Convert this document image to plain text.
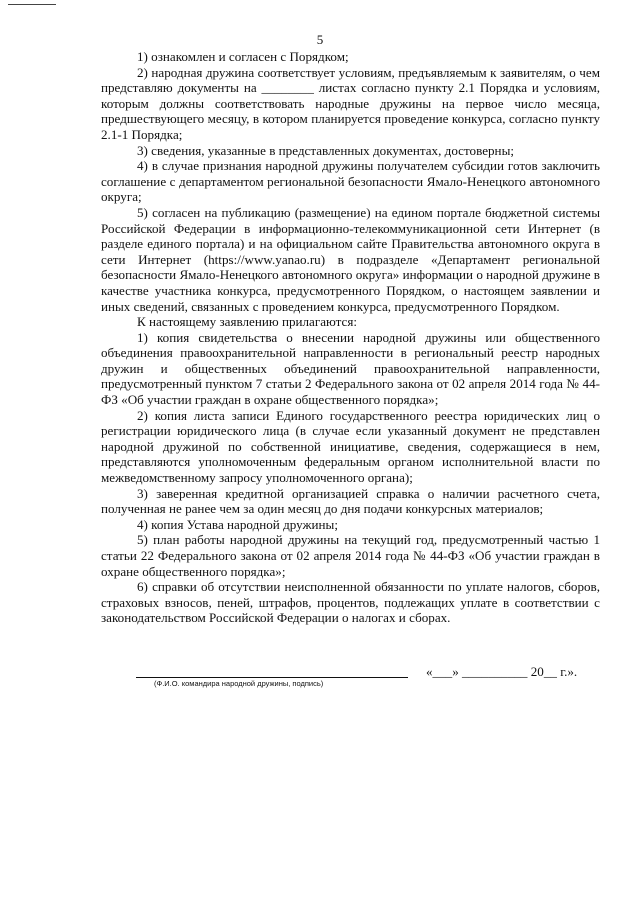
5

1) ознакомлен и согласен с Порядком;

2) народная дружина соответствует условиям, предъявляемым к заявителям, о чем представляю документы на ________ листах согласно пункту 2.1 Порядка и условиям, которым должны соответствовать народные дружины на первое число месяца, предшествующего месяцу, в котором планируется проведение конкурса, согласно пункту 2.1-1 Порядка;

3) сведения, указанные в представленных документах, достоверны;

4) в случае признания народной дружины получателем субсидии готов заключить соглашение с департаментом региональной безопасности Ямало-Ненецкого автономного округа;

5) согласен на публикацию (размещение) на едином портале бюджетной системы Российской Федерации в информационно-телекоммуникационной сети Интернет (в разделе единого портала) и на официальном сайте Правительства автономного округа в сети Интернет (https://www.yanao.ru) в подразделе «Департамент региональной безопасности Ямало-Ненецкого автономного округа» информации о народной дружине в качестве участника конкурса, предусмотренного Порядком, о настоящем заявлении и иных сведений, связанных с проведением конкурса, предусмотренного Порядком.

К настоящему заявлению прилагаются:

1) копия свидетельства о внесении народной дружины или общественного объединения правоохранительной направленности в региональный реестр народных дружин и общественных объединений правоохранительной направленности, предусмотренный пунктом 7 статьи 2 Федерального закона от 02 апреля 2014 года № 44-ФЗ «Об участии граждан в охране общественного порядка»;

2) копия листа записи Единого государственного реестра юридических лиц о регистрации юридического лица (в случае если указанный документ не представлен народной дружиной по собственной инициативе, сведения, содержащиеся в нем, представляются уполномоченным федеральным органом исполнительной власти по межведомственному запросу уполномоченного органа);

3) заверенная кредитной организацией справка о наличии расчетного счета, полученная не ранее чем за один месяц до дня подачи конкурсных материалов;

4) копия Устава народной дружины;

5) план работы народной дружины на текущий год, предусмотренный частью 1 статьи 22 Федерального закона от 02 апреля 2014 года № 44-ФЗ «Об участии граждан в охране общественного порядка»;

6) справки об отсутствии неисполненной обязанности по уплате налогов, сборов, страховых взносов, пеней, штрафов, процентов, подлежащих уплате в соответствии с законодательством Российской Федерации о налогах и сборах.

(Ф.И.О. командира народной дружины, подпись)
«___» __________ 20__ г.».
